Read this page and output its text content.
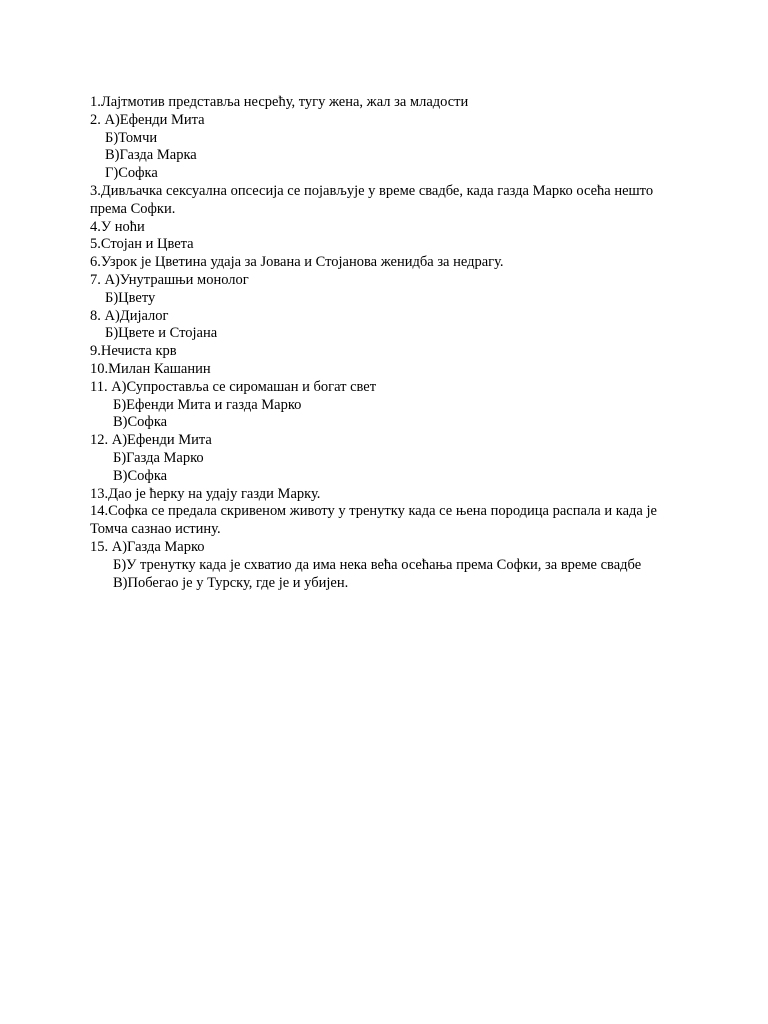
1.Лајтмотив представља несрећу, тугу жена, жал за младости

2. А)Ефенди Мита

Б)Томчи

В)Газда Марка

Г)Софка

3.Дивљачка сексуална опсесија се појављује у време свадбе, када газда Марко осећа нешто према Софки.

4.У ноћи

5.Стојан и Цвета

6.Узрок је Цветина удаја за Јована и Стојанова женидба за недрагу.

7. А)Унутрашњи монолог

Б)Цвету

8. А)Дијалог

Б)Цвете и Стојана

9.Нечиста крв

10.Милан Кашанин

11. А)Супроставља се сиромашан и богат свет

Б)Ефенди Мита и газда Марко

В)Софка

12. А)Ефенди Мита

Б)Газда Марко

В)Софка

13.Дао је ћерку на удају газди Марку.

14.Софка се предала скривеном животу у тренутку када се њена породица распала и када је Томча сазнао истину.

15. А)Газда Марко

Б)У тренутку када је схватио да има нека већа осећања према Софки, за време свадбе

В)Побегао је у Турску, где је и убијен.
